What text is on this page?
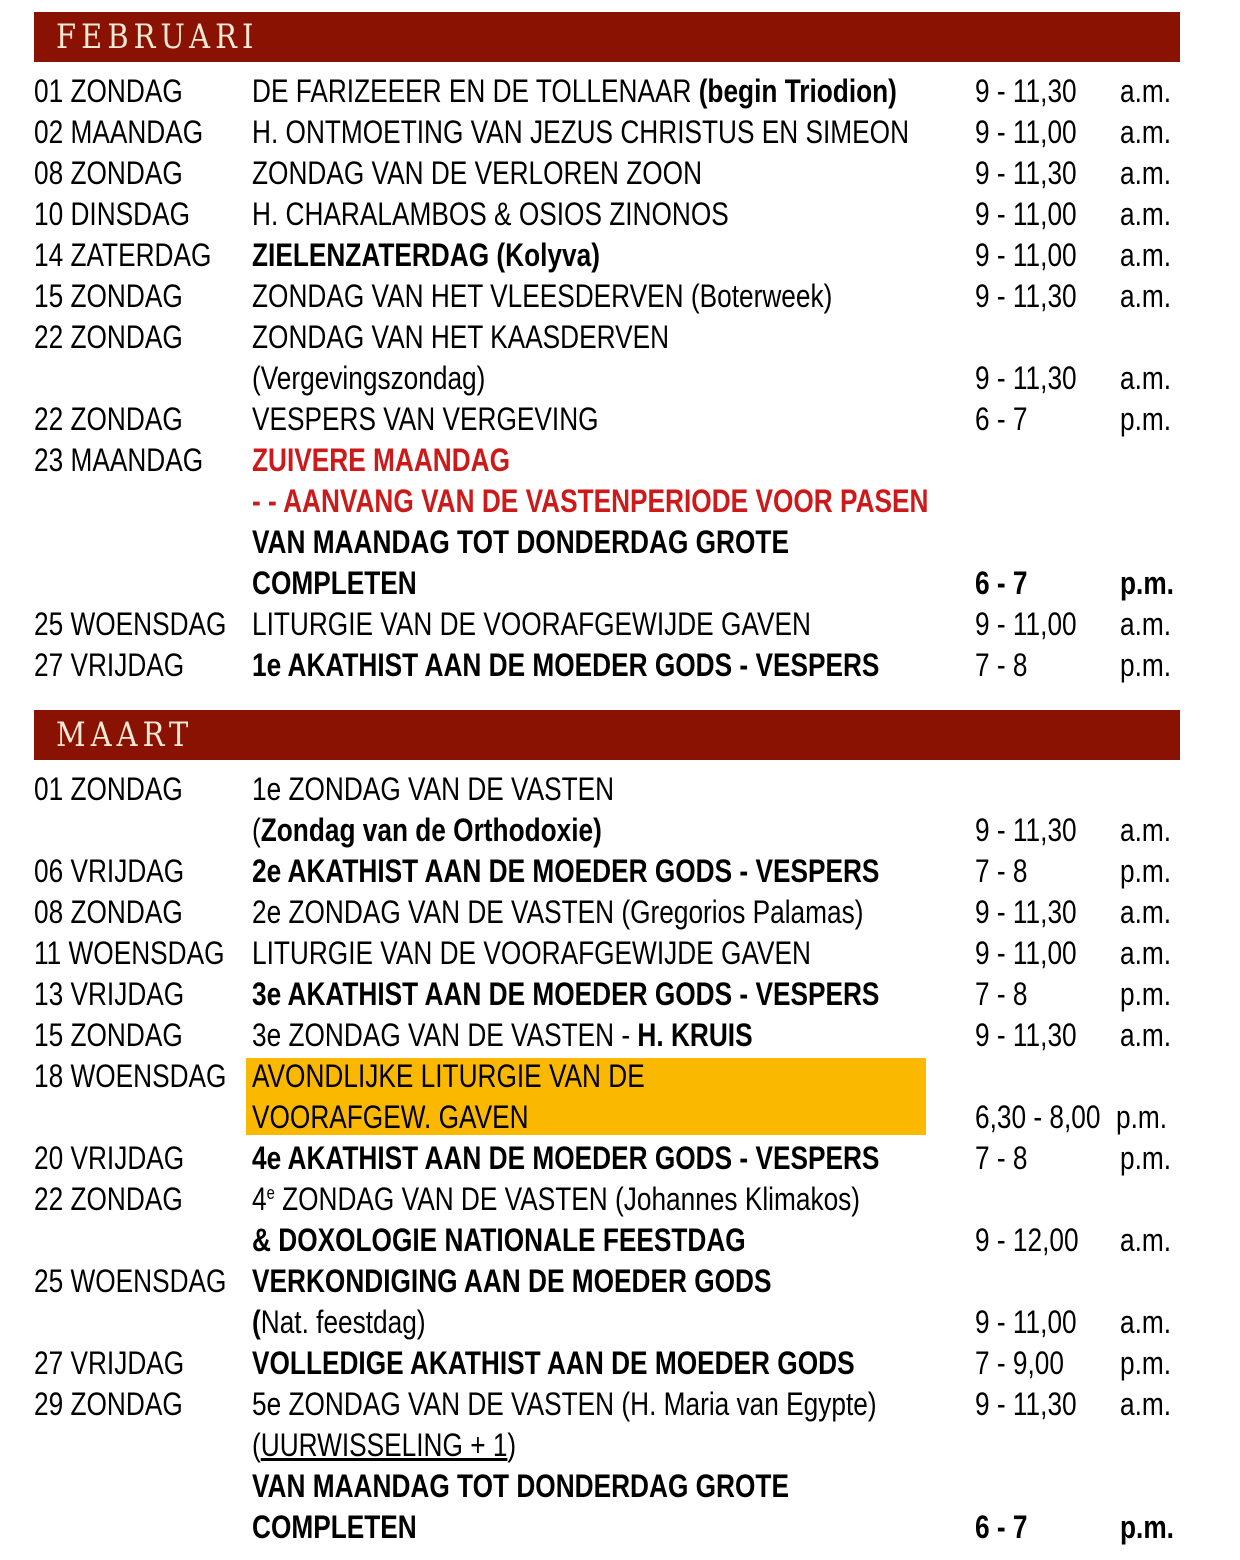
FEBRUARI
01 ZONDAG DE FARIZEEER EN DE TOLLENAAR (begin Triodion) 9 - 11,30 a.m.
02 MAANDAG H. ONTMOETING VAN JEZUS CHRISTUS EN SIMEON 9 - 11,00 a.m.
08 ZONDAG ZONDAG VAN DE VERLOREN ZOON	9 - 11,30 a.m.
10 DINSDAG H. CHARALAMBOS & OSIOS ZINONOS	9 - 11,00 a.m.
14 ZATERDAG ZIELENZATERDAG (Kolyva)	9 - 11,00 a.m.
15 ZONDAG ZONDAG VAN HET VLEESDERVEN (Boterweek)	9 - 11,30 a.m.
22 ZONDAG ZONDAG VAN HET KAASDERVEN
(Vergevingszondag)	9 - 11,30 a.m.
22 ZONDAG VESPERS VAN VERGEVING	6 - 7	p.m.
23 MAANDAG ZUIVERE MAANDAG
- - AANVANG VAN DE VASTENPERIODE VOOR PASEN
VAN MAANDAG TOT DONDERDAG GROTE
COMPLETEN	6 - 7	p.m.
25 WOENSDAG LITURGIE VAN DE VOORAFGEWIJDE GAVEN	9 - 11,00 a.m.
27 VRIJDAG 1e AKATHIST AAN DE MOEDER GODS - VESPERS	7 - 8	p.m.
MAART
01 ZONDAG 1e ZONDAG VAN DE VASTEN
(Zondag van de Orthodoxie)	9 - 11,30 a.m.
06 VRIJDAG 2e AKATHIST AAN DE MOEDER GODS - VESPERS	7 - 8	p.m.
08 ZONDAG 2e ZONDAG VAN DE VASTEN (Gregorios Palamas)	9 - 11,30 a.m.
11 WOENSDAG LITURGIE VAN DE VOORAFGEWIJDE GAVEN	9 - 11,00 a.m.
13 VRIJDAG 3e AKATHIST AAN DE MOEDER GODS - VESPERS	7 - 8	p.m.
15 ZONDAG 3e ZONDAG VAN DE VASTEN - H. KRUIS	9 - 11,30 a.m.
18 WOENSDAG AVONDLIJKE LITURGIE VAN DE
VOORAFGEW. GAVEN	6,30 - 8,00 p.m.
20 VRIJDAG 4e AKATHIST AAN DE MOEDER GODS - VESPERS	7 - 8	p.m.
22 ZONDAG 4e ZONDAG VAN DE VASTEN (Johannes Klimakos)
& DOXOLOGIE NATIONALE FEESTDAG	9 - 12,00 a.m.
25 WOENSDAG VERKONDIGING AAN DE MOEDER GODS
(Nat. feestdag)	9 - 11,00 a.m.
27 VRIJDAG VOLLEDIGE AKATHIST AAN DE MOEDER GODS	7 - 9,00 p.m.
29 ZONDAG 5e ZONDAG VAN DE VASTEN (H. Maria van Egypte)	9 - 11,30 a.m.
(UURWISSELING + 1)
VAN MAANDAG TOT DONDERDAG GROTE
COMPLETEN	6 - 7	p.m.
